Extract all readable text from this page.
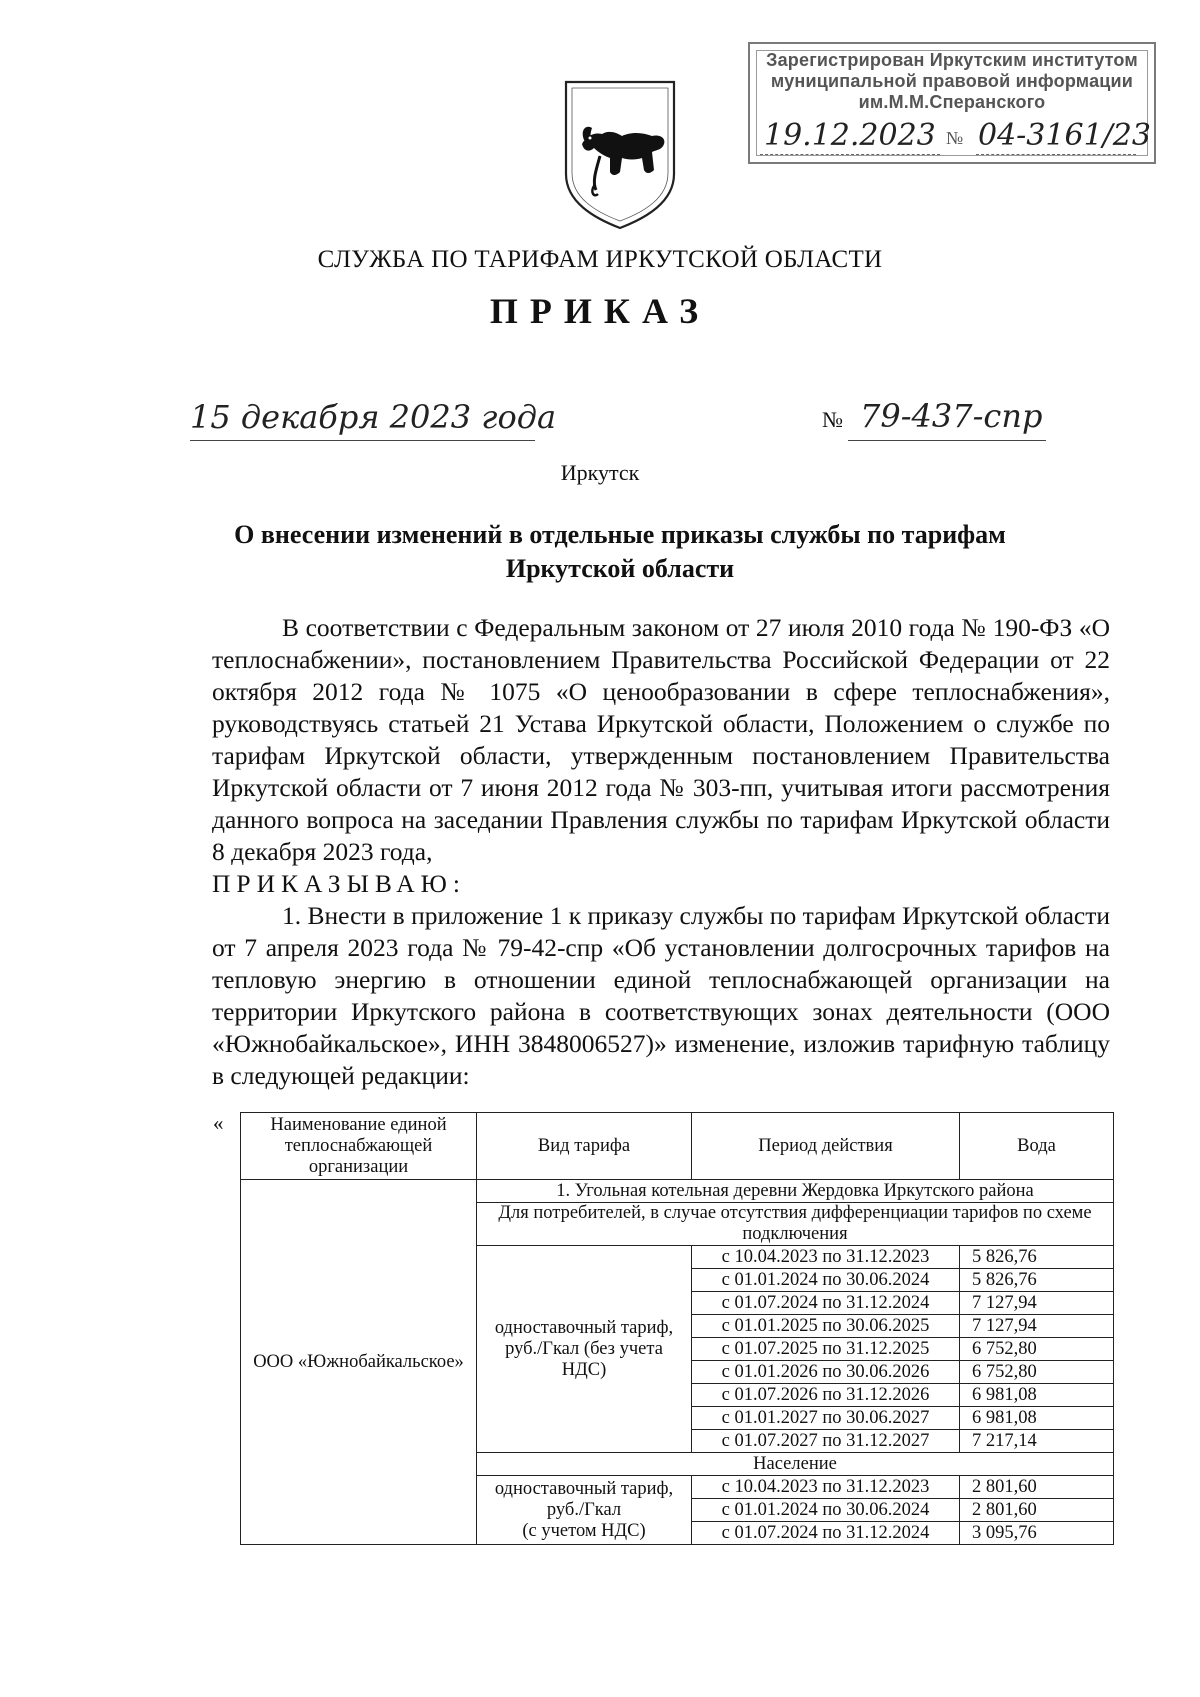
Зарегистрирован Иркутским институтом
муниципальной правовой информации
им.М.М.Сперанского
19.12.2023 № 04-3161/23
СЛУЖБА ПО ТАРИФАМ ИРКУТСКОЙ ОБЛАСТИ
ПРИКАЗ
15 декабря 2023 года	№ 79-437-спр
Иркутск
О внесении изменений в отдельные приказы службы по тарифам
Иркутской области

В соответствии с Федеральным законом от 27 июля 2010 года № 190-ФЗ «О теплоснабжении», постановлением Правительства Российской Федерации от 22 октября 2012 года № 1075 «О ценообразовании в сфере теплоснабжения», руководствуясь статьей 21 Устава Иркутской области, Положением о службе по тарифам Иркутской области, утвержденным постановлением Правительства Иркутской области от 7 июня 2012 года № 303-пп, учитывая итоги рассмотрения данного вопроса на заседании Правления службы по тарифам Иркутской области 8 декабря 2023 года,

ПРИКАЗЫВАЮ:

1. Внести в приложение 1 к приказу службы по тарифам Иркутской области от 7 апреля 2023 года № 79-42-спр «Об установлении долгосрочных тарифов на тепловую энергию в отношении единой теплоснабжающей организации на территории Иркутского района в соответствующих зонах деятельности (ООО «Южнобайкальское», ИНН 3848006527)» изменение, изложив тарифную таблицу в следующей редакции:

«	Наименование единой теплоснабжающей организации	Вид тарифа	Период действия	Вода
ООО «Южнобайкальское»	1. Угольная котельная деревни Жердовка Иркутского района		
	Для потребителей, в случае отсутствия дифференциации тарифов по схеме подключения		
	одноставочный тариф, руб./Гкал (без учета НДС)	с 10.04.2023 по 31.12.2023	5 826,76
		с 01.01.2024 по 30.06.2024	5 826,76
		с 01.07.2024 по 31.12.2024	7 127,94
		с 01.01.2025 по 30.06.2025	7 127,94
		с 01.07.2025 по 31.12.2025	6 752,80
		с 01.01.2026 по 30.06.2026	6 752,80
		с 01.07.2026 по 31.12.2026	6 981,08
		с 01.01.2027 по 30.06.2027	6 981,08
		с 01.07.2027 по 31.12.2027	7 217,14
	Население		

	одноставочный тариф,
руб./Гкал
(с учетом НДС)	с 10.04.2023 по 31.12.2023	2 801,60
		с 01.01.2024 по 30.06.2024	2 801,60
		с 01.07.2024 по 31.12.2024	3 095,76
